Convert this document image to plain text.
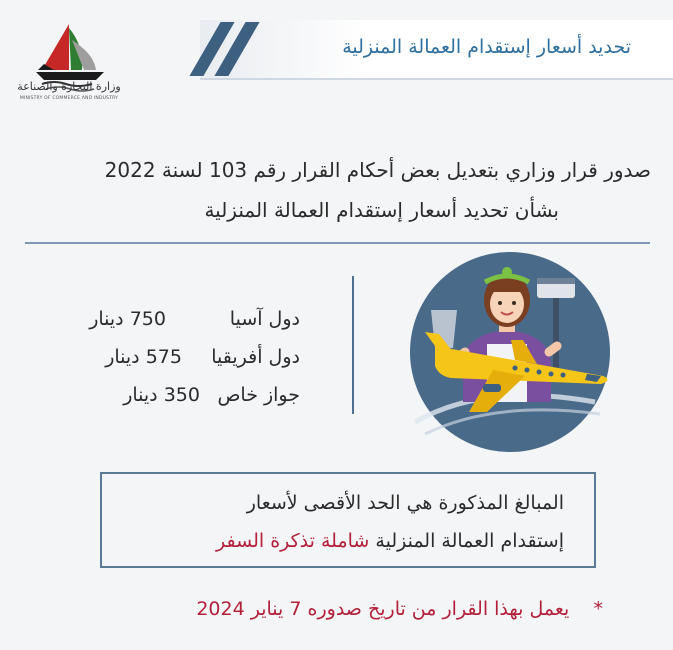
تحديد أسعار إستقدام العمالة المنزلية
وزارة التجارة والصناعة
MINISTRY OF COMMERCE AND INDUSTRY
صدور قرار وزاري بتعديل بعض أحكام القرار رقم 103 لسنة 2022
بشأن تحديد أسعار إستقدام العمالة المنزلية
دول آسيا 750 دينار
دول أفريقيا 575 دينار
جواز خاص 350 دينار
المبالغ المذكورة هي الحد الأقصى لأسعار
إستقدام العمالة المنزلية شاملة تذكرة السفر
*    يعمل بهذا القرار من تاريخ صدوره 7 يناير 2024
